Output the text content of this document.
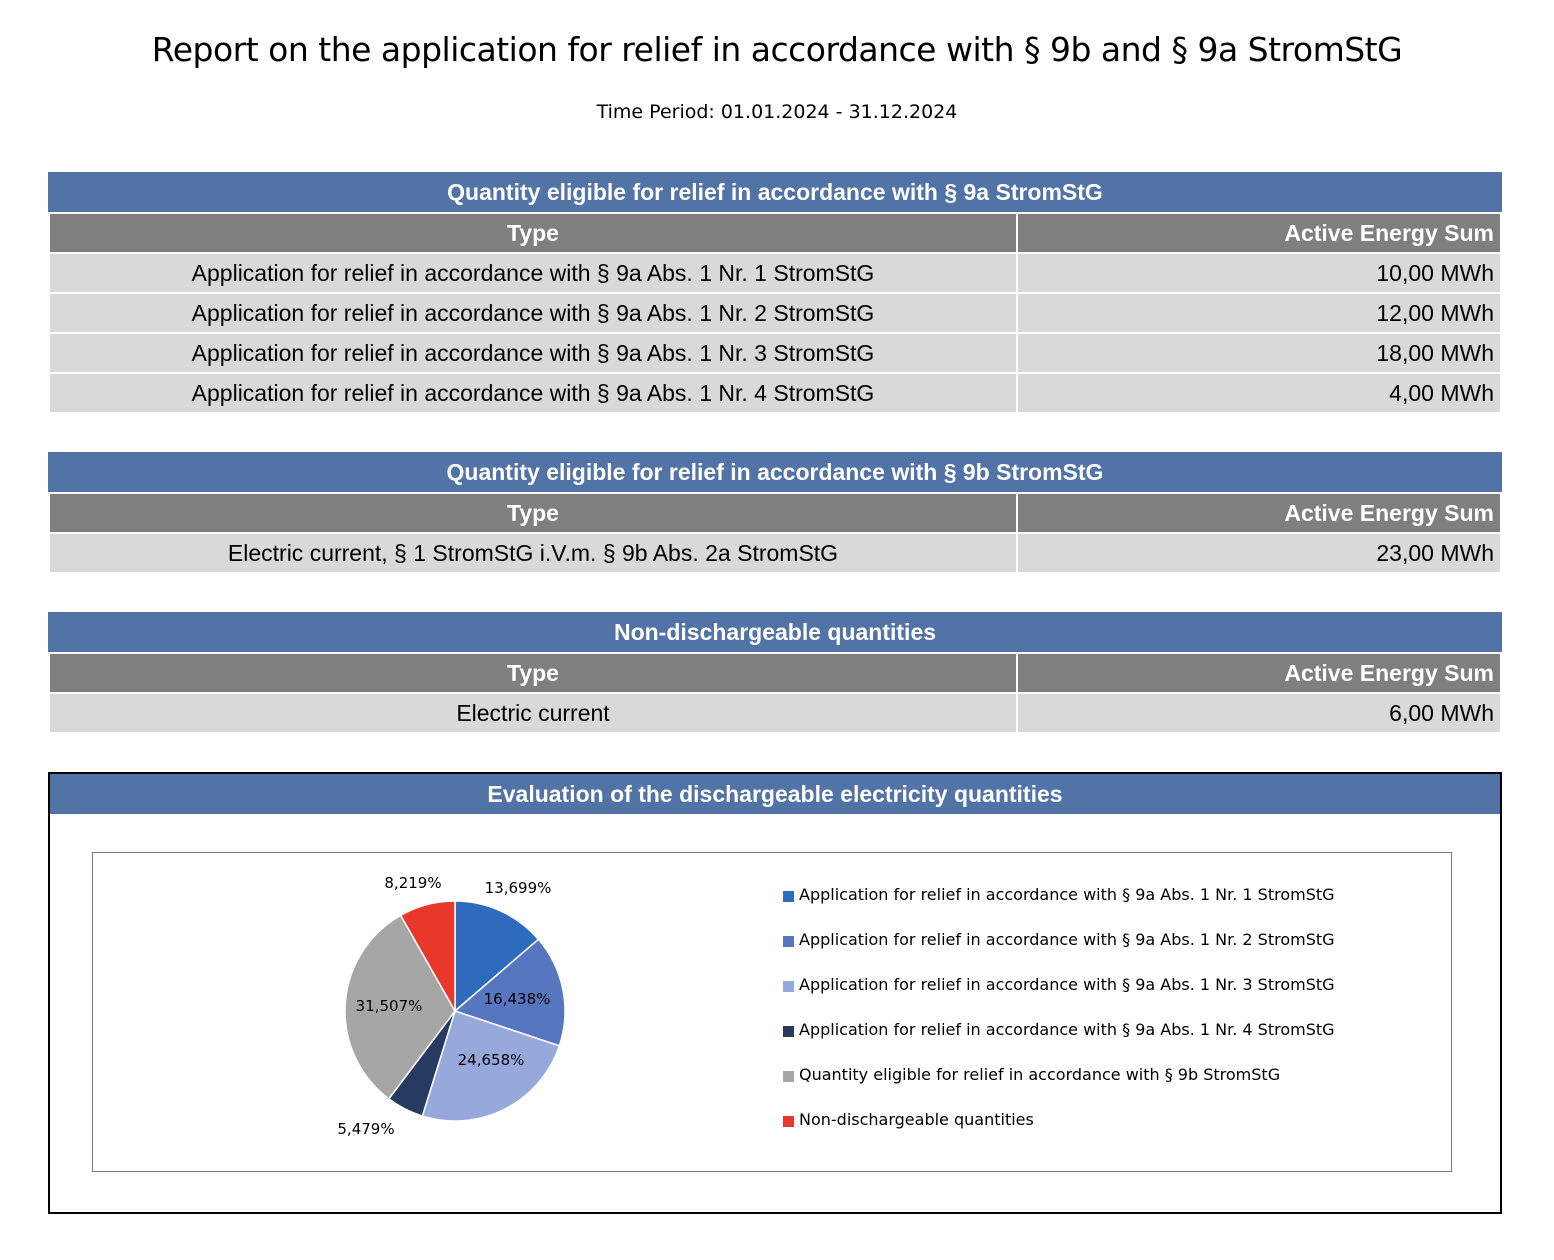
Report on the application for relief in accordance with § 9b and § 9a StromStG
Time Period: 01.01.2024 - 31.12.2024
Quantity eligible for relief in accordance with § 9a StromStG
Type	Active Energy Sum
Application for relief in accordance with § 9a Abs. 1 Nr. 1 StromStG	10,00 MWh
Application for relief in accordance with § 9a Abs. 1 Nr. 2 StromStG	12,00 MWh
Application for relief in accordance with § 9a Abs. 1 Nr. 3 StromStG	18,00 MWh
Application for relief in accordance with § 9a Abs. 1 Nr. 4 StromStG	4,00 MWh
Quantity eligible for relief in accordance with § 9b StromStG
Type	Active Energy Sum
Electric current, § 1 StromStG i.V.m. § 9b Abs. 2a StromStG	23,00 MWh
Non-dischargeable quantities
Type	Active Energy Sum
Electric current	6,00 MWh
Evaluation of the dischargeable electricity quantities
13,699%
16,438%
24,658%
5,479%
31,507%
8,219%
Application for relief in accordance with § 9a Abs. 1 Nr. 1 StromStG
Application for relief in accordance with § 9a Abs. 1 Nr. 2 StromStG
Application for relief in accordance with § 9a Abs. 1 Nr. 3 StromStG
Application for relief in accordance with § 9a Abs. 1 Nr. 4 StromStG
Quantity eligible for relief in accordance with § 9b StromStG
Non-dischargeable quantities
